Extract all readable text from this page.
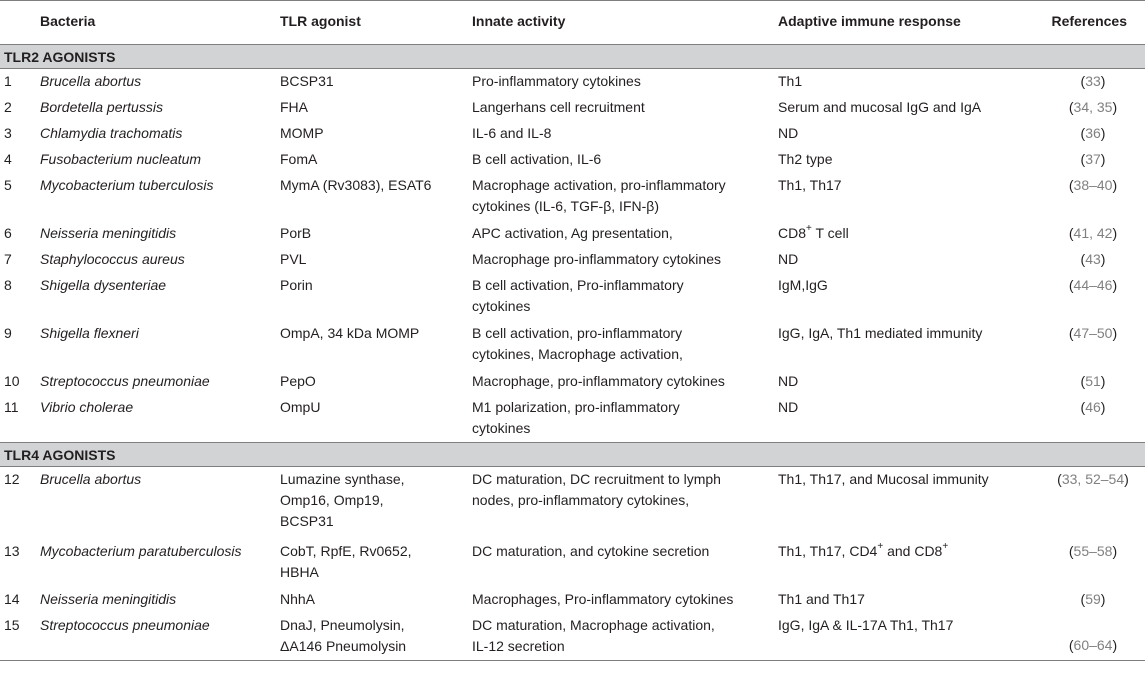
	Bacteria	TLR agonist	Innate activity	Adaptive immune response	References
TLR2 AGONISTS					
1	Brucella abortus	BCSP31	Pro-inflammatory cytokines	Th1	(33)
2	Bordetella pertussis	FHA	Langerhans cell recruitment	Serum and mucosal IgG and IgA	(34, 35)
3	Chlamydia trachomatis	MOMP	IL-6 and IL-8	ND	(36)
4	Fusobacterium nucleatum	FomA	B cell activation, IL-6	Th2 type	(37)
5	Mycobacterium tuberculosis	MymA (Rv3083), ESAT6	Macrophage activation, pro-inflammatory
cytokines (IL-6, TGF-β, IFN-β)	Th1, Th17	(38–40)
6	Neisseria meningitidis	PorB	APC activation, Ag presentation,	CD8+ T cell	(41, 42)
7	Staphylococcus aureus	PVL	Macrophage pro-inflammatory cytokines	ND	(43)
8	Shigella dysenteriae	Porin	B cell activation, Pro-inflammatory
cytokines	IgM,IgG	(44–46)
9	Shigella flexneri	OmpA, 34 kDa MOMP	B cell activation, pro-inflammatory
cytokines, Macrophage activation,	IgG, IgA, Th1 mediated immunity	(47–50)
10	Streptococcus pneumoniae	PepO	Macrophage, pro-inflammatory cytokines	ND	(51)
11	Vibrio cholerae	OmpU	M1 polarization, pro-inflammatory
cytokines	ND	(46)
TLR4 AGONISTS					
12	Brucella abortus	Lumazine synthase,
Omp16, Omp19,
BCSP31	DC maturation, DC recruitment to lymph
nodes, pro-inflammatory cytokines,	Th1, Th17, and Mucosal immunity	(33, 52–54)
13	Mycobacterium paratuberculosis	CobT, RpfE, Rv0652,
HBHA	DC maturation, and cytokine secretion	Th1, Th17, CD4+ and CD8+	(55–58)
14	Neisseria meningitidis	NhhA	Macrophages, Pro-inflammatory cytokines	Th1 and Th17	(59)
15	Streptococcus pneumoniae	DnaJ, Pneumolysin,
ΔA146 Pneumolysin	DC maturation, Macrophage activation,
IL-12 secretion	IgG, IgA & IL-17A Th1, Th17	(60–64)
